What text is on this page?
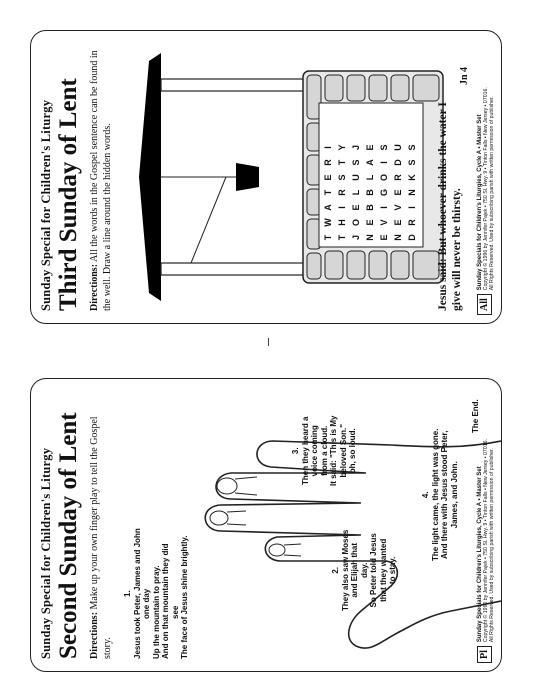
Sunday Special for Children's Liturgy Second Sunday of Lent Directions: Make up your own finger play to tell the Gospel story.
1. Jesus took Peter, James and John one day Up the mountain to pray. And on that mountain they did see The face of Jesus shine brightly.	2. They also saw Moses and Elijah that day. So Peter told Jesus that they wanted to stay.
3. Then they heard a voice coming from a cloud. It said: "This is My beloved Son." oh, so loud.
4. The light came, the light was gone. And there with Jesus stood Peter, James, and John.
The End.
Pl
Sunday Specials for Children's Liturgies, Cycle A • Master Set Copyright © 1996 by Jennifer Pajek • 750 Sl. Hwy. 9 • Tinton Falls • New Jersey • 07016. All Rights Reserved. Used by subscribing parish with written permission of publisher.
Sunday Special for Children's Liturgy Third Sunday of Lent Directions: All the words in the Gospel sentence can be found in the well. Draw a line around the hidden words.	T	W	A	T	E	R	I
T	H	I	R	S	T	Y
J	O	E	L	U	S	J
N	E	B	B	L	A	E
E	V	I	G	O	I	S
N	E	V	E	R	D	U
D	R	I	N	K	S	S Jesus said: But whoever drinks the water I give will never be thirsty.
Jn 4
All
Sunday Specials for Children's Liturgies, Cycle A • Master Set Copyright © 1996 by Jennifer Pajek • 750 Sl. Hwy. 9 • Tinton Falls • New Jersey • 07016. All Rights Reserved. Used by subscribing parish with written permission of publisher.
